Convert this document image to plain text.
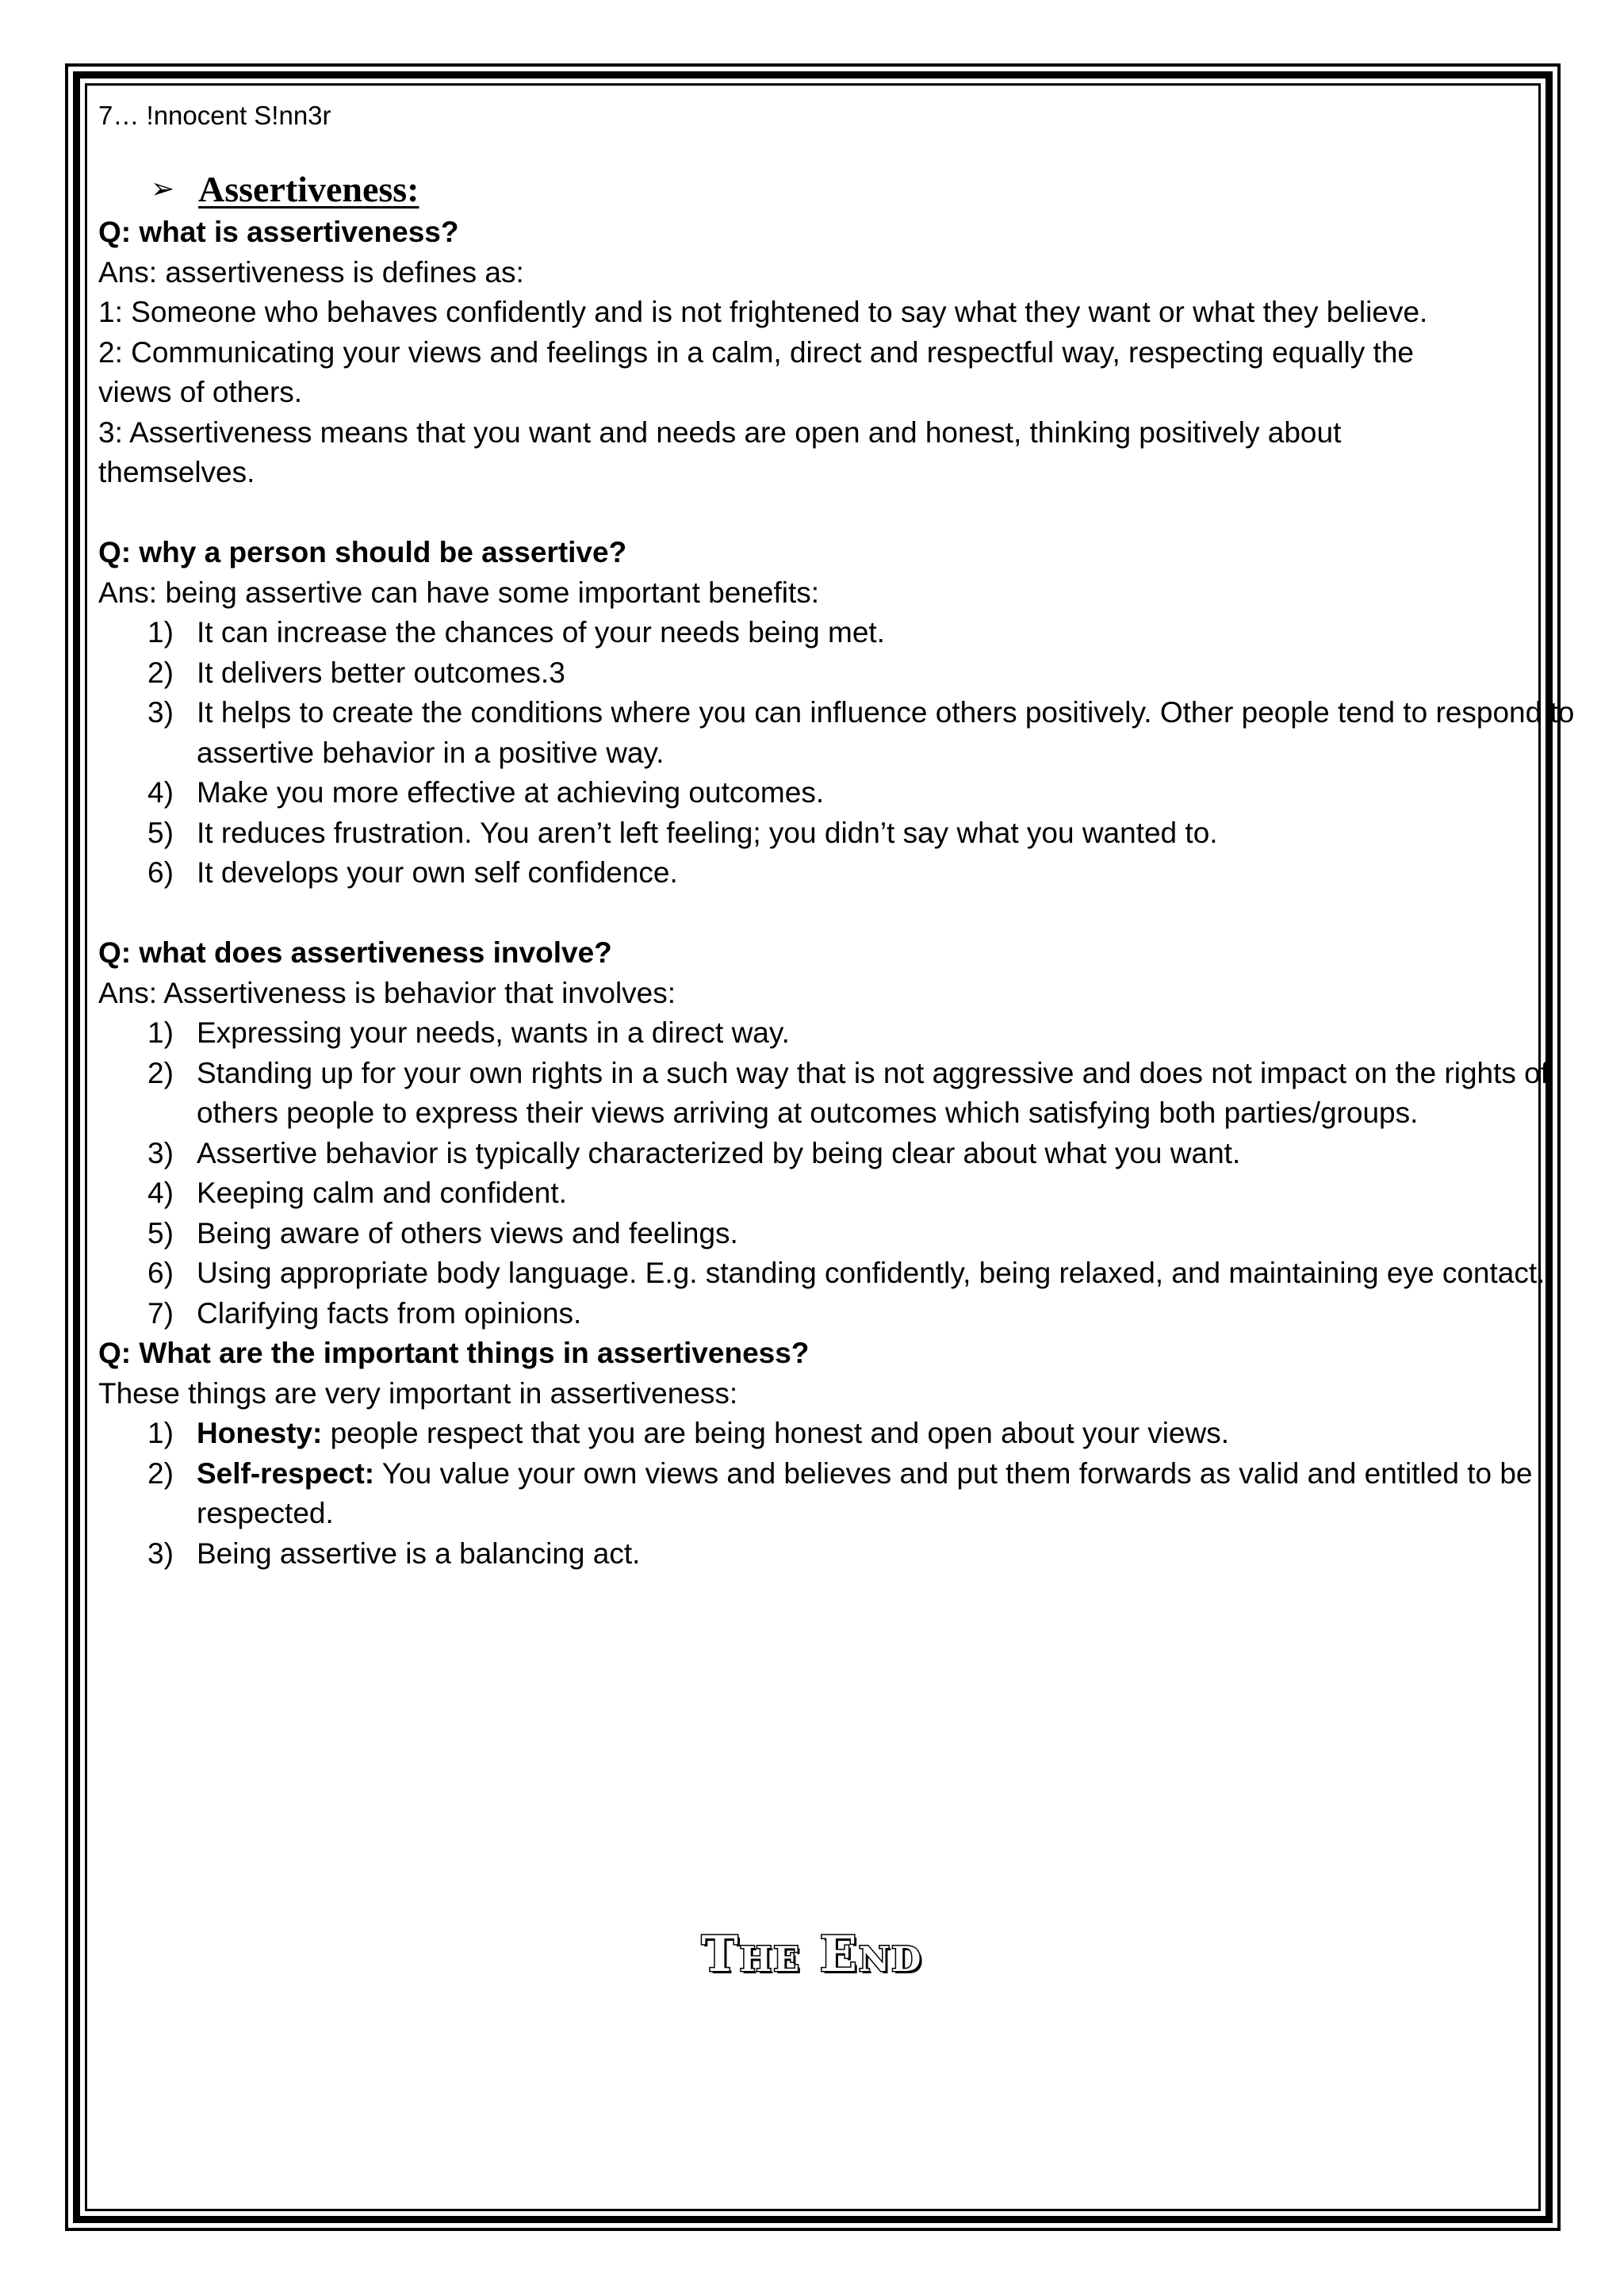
7… !nnocent S!nn3r

➢ Assertiveness:

Q: what is assertiveness?

Ans: assertiveness is defines as:

1: Someone who behaves confidently and is not frightened to say what they want or what they believe.

2: Communicating your views and feelings in a calm, direct and respectful way, respecting equally the

views of others.

3: Assertiveness means that you want and needs are open and honest, thinking positively about

themselves.

Q: why a person should be assertive?

Ans: being assertive can have some important benefits:

1) It can increase the chances of your needs being met.
2) It delivers better outcomes.3
3) It helps to create the conditions where you can influence others positively. Other people tend to respond to assertive behavior in a positive way.
4) Make you more effective at achieving outcomes.
5) It reduces frustration. You aren’t left feeling; you didn’t say what you wanted to.
6) It develops your own self confidence.

Q: what does assertiveness involve?

Ans: Assertiveness is behavior that involves:

1) Expressing your needs, wants in a direct way.
2) Standing up for your own rights in a such way that is not aggressive and does not impact on the rights of others people to express their views arriving at outcomes which satisfying both parties/groups.
3) Assertive behavior is typically characterized by being clear about what you want.
4) Keeping calm and confident.
5) Being aware of others views and feelings.
6) Using appropriate body language. E.g. standing confidently, being relaxed, and maintaining eye contact.
7) Clarifying facts from opinions.

Q: What are the important things in assertiveness?

These things are very important in assertiveness:

1) Honesty: people respect that you are being honest and open about your views.
2) Self-respect: You value your own views and believes and put them forwards as valid and entitled to be respected.
3) Being assertive is a balancing act.
The End
